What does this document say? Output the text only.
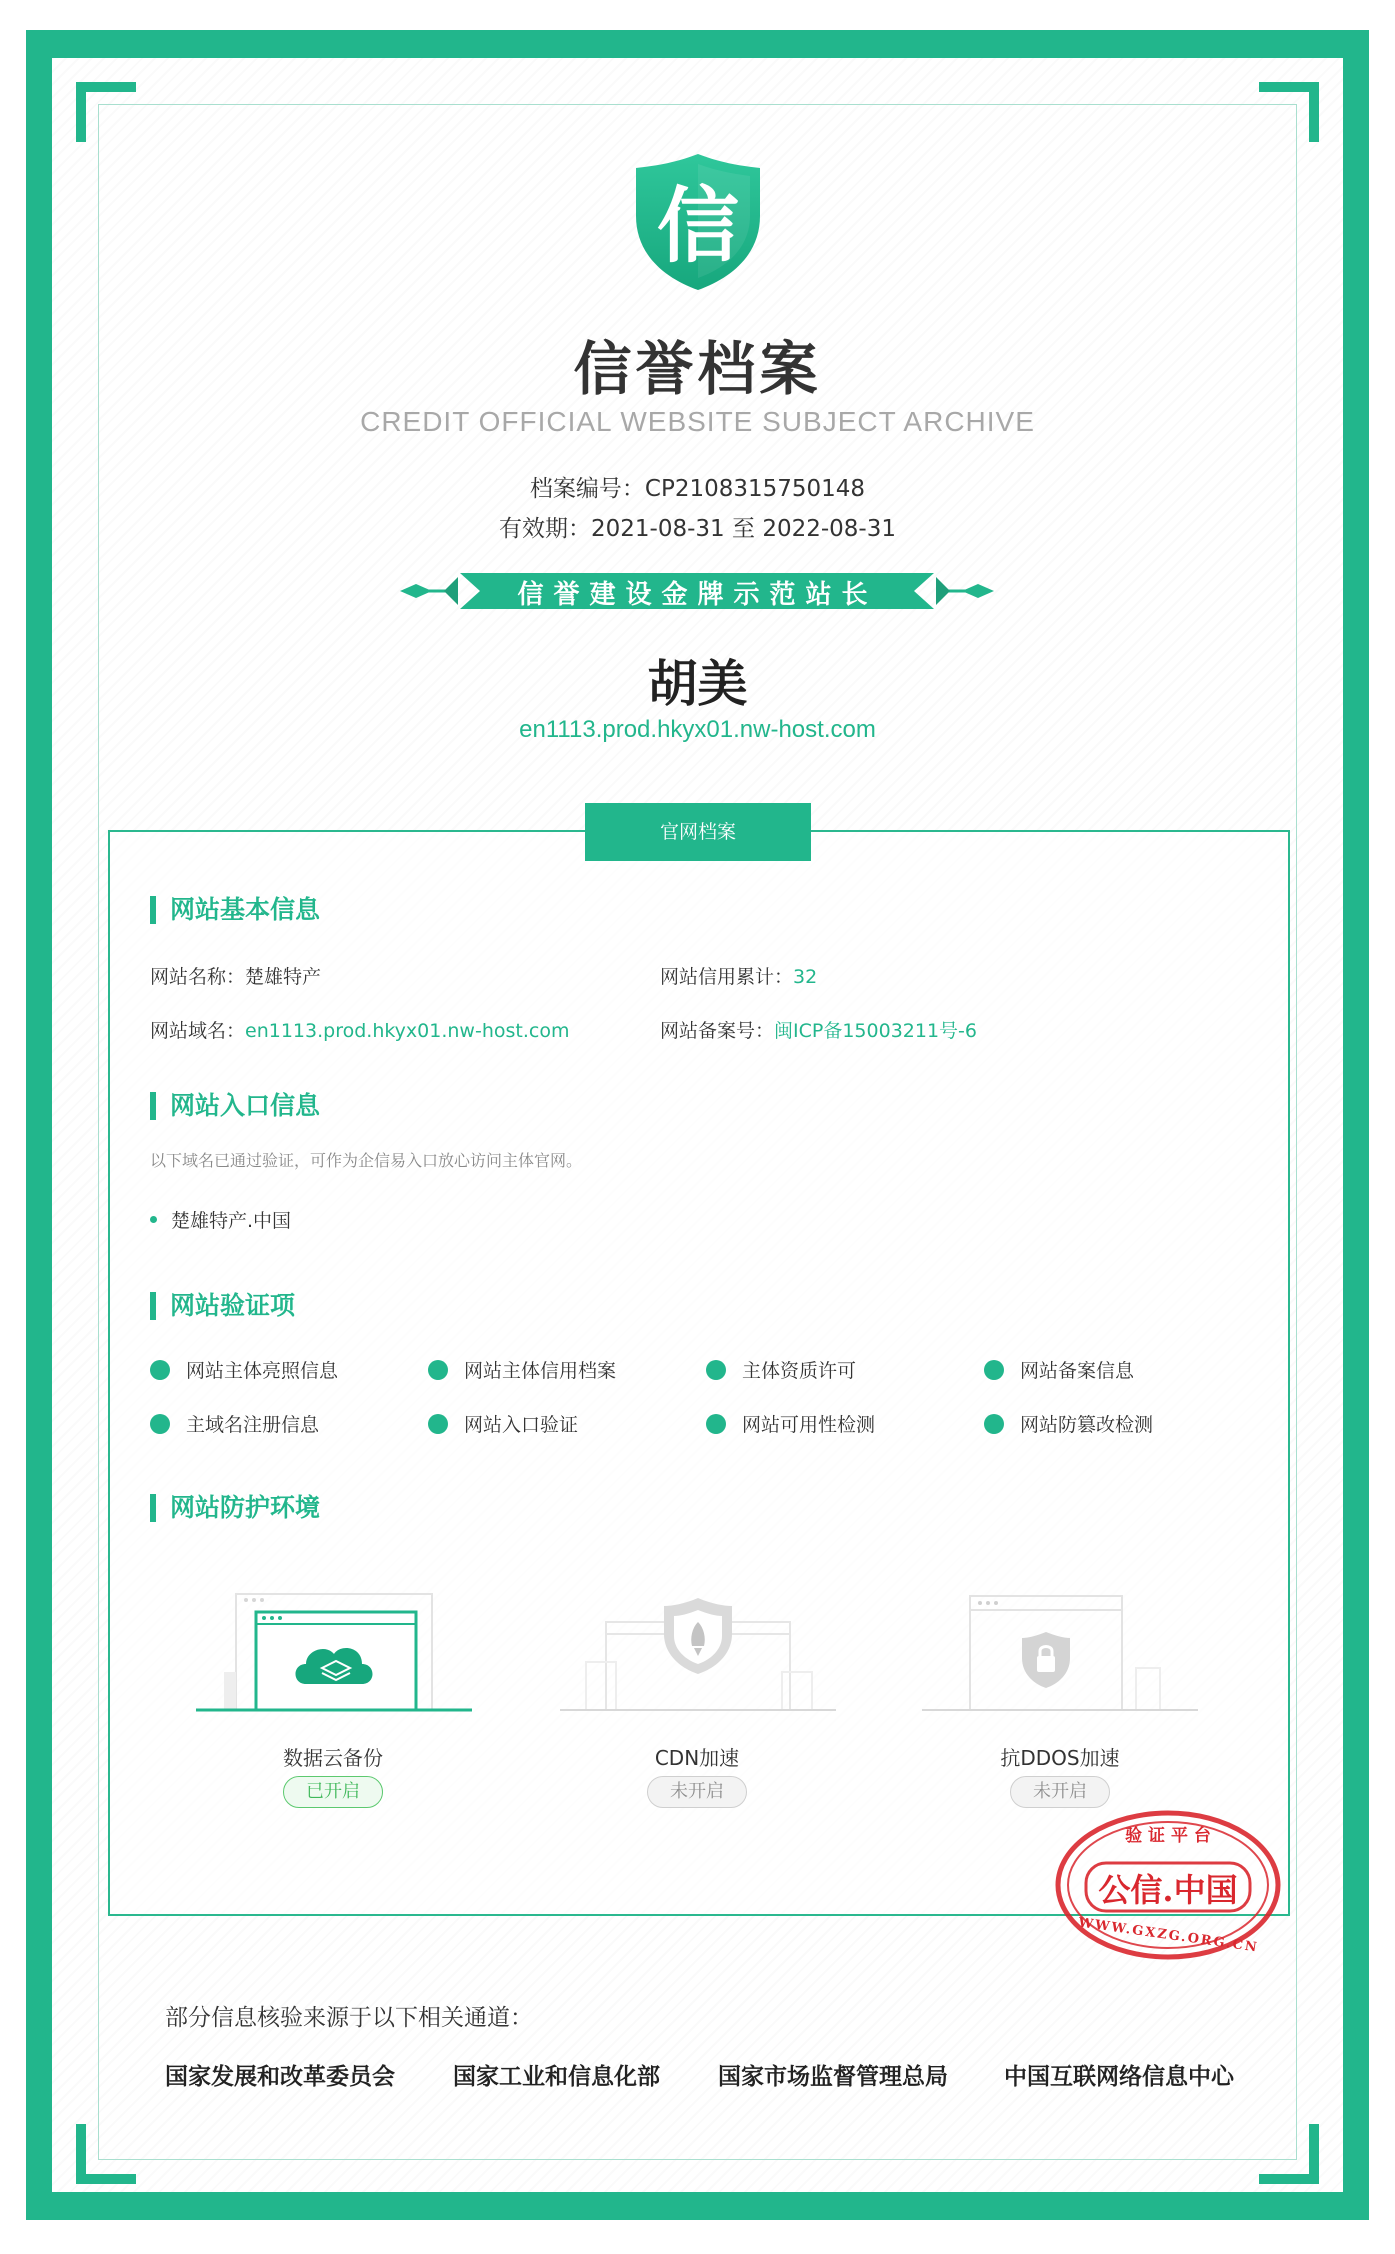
信
信誉档案
CREDIT OFFICIAL WEBSITE SUBJECT ARCHIVE
档案编号：CP2108315750148
有效期：2021-08-31 至 2022-08-31
信誉建设金牌示范站长
胡美
en1113.prod.hkyx01.nw-host.com
官网档案
网站基本信息
网站名称：楚雄特产	网站信用累计：32
网站域名：en1113.prod.hkyx01.nw-host.com	网站备案号：闽ICP备15003211号-6
网站入口信息
以下域名已通过验证，可作为企信易入口放心访问主体官网。
楚雄特产.中国
网站验证项
网站主体亮照信息	网站主体信用档案	主体资质许可	网站备案信息
主域名注册信息	网站入口验证	网站可用性检测	网站防篡改检测
网站防护环境
数据云备份
已开启
CDN加速
未开启
抗DDOS加速
未开启
公信.中国
验 证 平 台
WWW.GXZG.ORG.CN
部分信息核验来源于以下相关通道：
国家发展和改革委员会	国家工业和信息化部	国家市场监督管理总局 中国互联网络信息中心
